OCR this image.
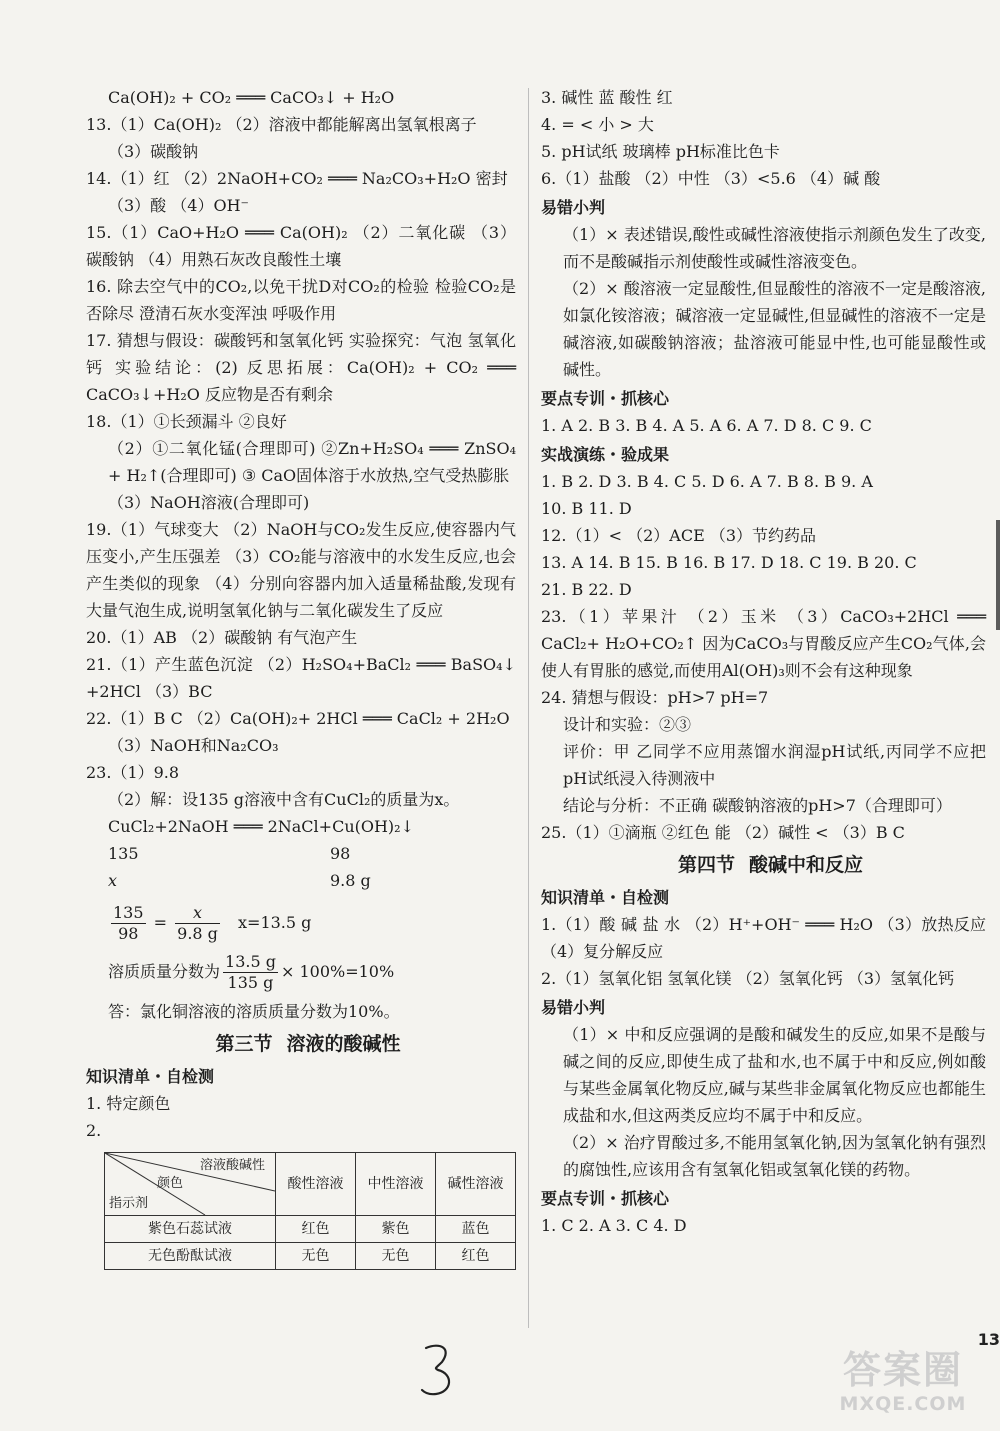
Ca(OH)₂ + CO₂ ═══ CaCO₃↓ + H₂O
13.（1）Ca(OH)₂ （2）溶液中都能解离出氢氧根离子
（3）碳酸钠
14.（1）红 （2）2NaOH+CO₂ ═══ Na₂CO₃+H₂O 密封
（3）酸 （4）OH⁻
15.（1）CaO+H₂O ═══ Ca(OH)₂ （2）二氧化碳 （3）碳酸钠 （4）用熟石灰改良酸性土壤
16. 除去空气中的CO₂,以免干扰D对CO₂的检验 检验CO₂是否除尽 澄清石灰水变浑浊 呼吸作用
17. 猜想与假设：碳酸钙和氢氧化钙 实验探究：气泡 氢氧化钙 实验结论：(2) 反思拓展：Ca(OH)₂ + CO₂ ═══ CaCO₃↓+H₂O 反应物是否有剩余
18.（1）①长颈漏斗 ②良好
（2）①二氧化锰(合理即可) ②Zn+H₂SO₄ ═══ ZnSO₄ + H₂↑(合理即可) ③ CaO固体溶于水放热,空气受热膨胀
（3）NaOH溶液(合理即可)
19.（1）气球变大 （2）NaOH与CO₂发生反应,使容器内气压变小,产生压强差 （3）CO₂能与溶液中的水发生反应,也会产生类似的现象 （4）分别向容器内加入适量稀盐酸,发现有大量气泡生成,说明氢氧化钠与二氧化碳发生了反应
20.（1）AB （2）碳酸钠 有气泡产生
21.（1）产生蓝色沉淀 （2）H₂SO₄+BaCl₂ ═══ BaSO₄↓ +2HCl （3）BC
22.（1）B C （2）Ca(OH)₂+ 2HCl ═══ CaCl₂ + 2H₂O
（3）NaOH和Na₂CO₃
23.（1）9.8
（2）解：设135 g溶液中含有CuCl₂的质量为x。
CuCl₂+2NaOH ═══ 2NaCl+Cu(OH)₂↓
135	98
x	9.8 g
$\frac{135}{98} = \frac{x}{9.8 g} x=13.5$ g
溶质质量分数为 $\frac{13.5 g}{135 g} \times 100\%=10\%$
答：氯化铜溶液的溶质质量分数为10%。
第三节 溶液的酸碱性
知识清单・自检测
1. 特定颜色
2.
溶液酸碱性
颜色
指示剂	酸性溶液	中性溶液	碱性溶液
紫色石蕊试液	红色	紫色	蓝色
无色酚酞试液	无色	无色	红色
3. 碱性 蓝 酸性 红
4. = < 小 > 大
5. pH试纸 玻璃棒 pH标准比色卡
6.（1）盐酸 （2）中性 （3）<5.6 （4）碱 酸
易错小判
（1）× 表述错误,酸性或碱性溶液使指示剂颜色发生了改变,而不是酸碱指示剂使酸性或碱性溶液变色。
（2）× 酸溶液一定显酸性,但显酸性的溶液不一定是酸溶液,如氯化铵溶液；碱溶液一定显碱性,但显碱性的溶液不一定是碱溶液,如碳酸钠溶液；盐溶液可能显中性,也可能显酸性或碱性。
要点专训・抓核心
1. A 2. B 3. B 4. A 5. A 6. A 7. D 8. C 9. C
实战演练・验成果
1. B 2. D 3. B 4. C 5. D 6. A 7. B 8. B 9. A
10. B 11. D
12.（1）< （2）ACE （3）节约药品
13. A 14. B 15. B 16. B 17. D 18. C 19. B 20. C
21. B 22. D
23.（1）苹果汁 （2）玉米 （3）CaCO₃+2HCl ═══ CaCl₂+ H₂O+CO₂↑ 因为CaCO₃与胃酸反应产生CO₂气体,会使人有胃胀的感觉,而使用Al(OH)₃则不会有这种现象
24. 猜想与假设：pH>7 pH=7
设计和实验：②③
评价：甲 乙同学不应用蒸馏水润湿pH试纸,丙同学不应把pH试纸浸入待测液中
结论与分析：不正确 碳酸钠溶液的pH>7（合理即可）
25.（1）①滴瓶 ②红色 能 （2）碱性 < （3）B C
第四节 酸碱中和反应
知识清单・自检测
1.（1）酸 碱 盐 水 （2）H⁺+OH⁻ ═══ H₂O （3）放热反应 （4）复分解反应
2.（1）氢氧化铝 氢氧化镁 （2）氢氧化钙 （3）氢氧化钙
易错小判
（1）× 中和反应强调的是酸和碱发生的反应,如果不是酸与碱之间的反应,即使生成了盐和水,也不属于中和反应,例如酸与某些金属氧化物反应,碱与某些非金属氧化物反应也都能生成盐和水,但这两类反应均不属于中和反应。
（2）× 治疗胃酸过多,不能用氢氧化钠,因为氢氧化钠有强烈的腐蚀性,应该用含有氢氧化铝或氢氧化镁的药物。
要点专训・抓核心
1. C 2. A 3. C 4. D
13
答案圈
MXQE.COM
